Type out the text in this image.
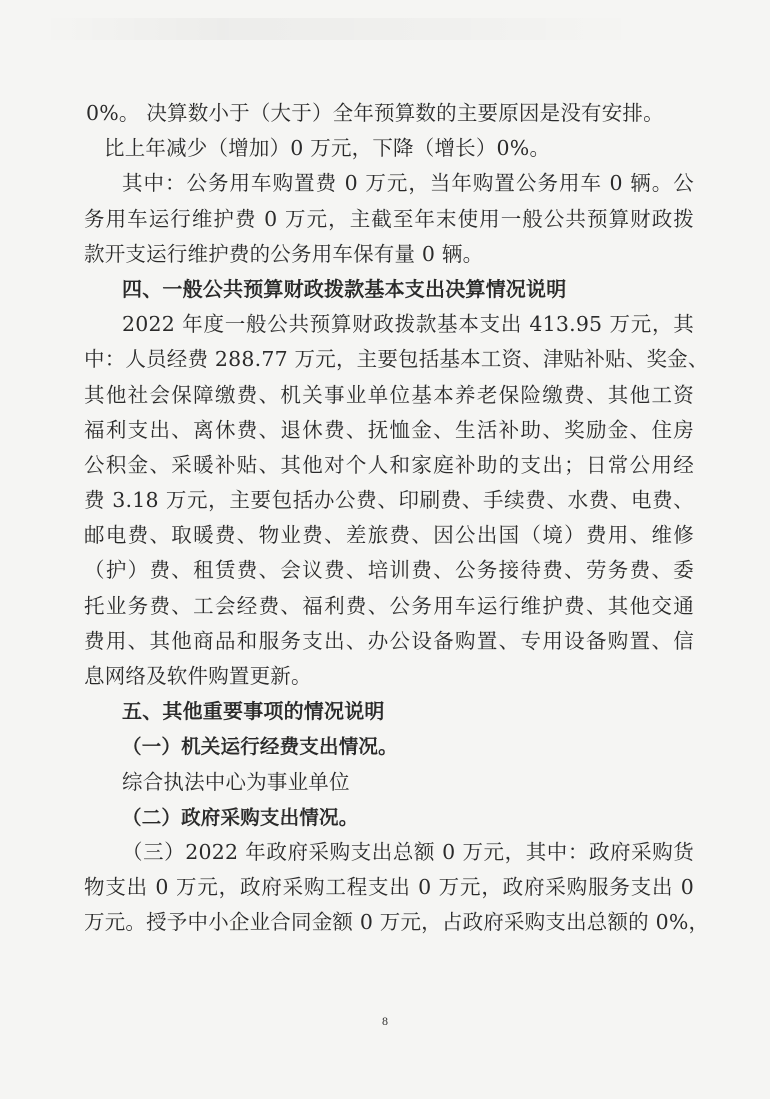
0%。 决算数小于（大于）全年预算数的主要原因是没有安排。
比上年减少（增加）0 万元，下降（增长）0%。
其中：公务用车购置费 0 万元，当年购置公务用车 0 辆。公
务用车运行维护费 0 万元，主截至年末使用一般公共预算财政拨
款开支运行维护费的公务用车保有量 0 辆。
四、一般公共预算财政拨款基本支出决算情况说明
2022 年度一般公共预算财政拨款基本支出 413.95 万元，其
中：人员经费 288.77 万元，主要包括基本工资、津贴补贴、奖金、
其他社会保障缴费、机关事业单位基本养老保险缴费、其他工资
福利支出、离休费、退休费、抚恤金、生活补助、奖励金、住房
公积金、采暖补贴、其他对个人和家庭补助的支出；日常公用经
费 3.18 万元，主要包括办公费、印刷费、手续费、水费、电费、
邮电费、取暖费、物业费、差旅费、因公出国（境）费用、维修
（护）费、租赁费、会议费、培训费、公务接待费、劳务费、委
托业务费、工会经费、福利费、公务用车运行维护费、其他交通
费用、其他商品和服务支出、办公设备购置、专用设备购置、信
息网络及软件购置更新。
五、其他重要事项的情况说明
（一）机关运行经费支出情况。
综合执法中心为事业单位
（二）政府采购支出情况。
（三）2022 年政府采购支出总额 0 万元，其中：政府采购货
物支出 0 万元，政府采购工程支出 0 万元，政府采购服务支出 0
万元。授予中小企业合同金额 0 万元，占政府采购支出总额的 0%，
8
